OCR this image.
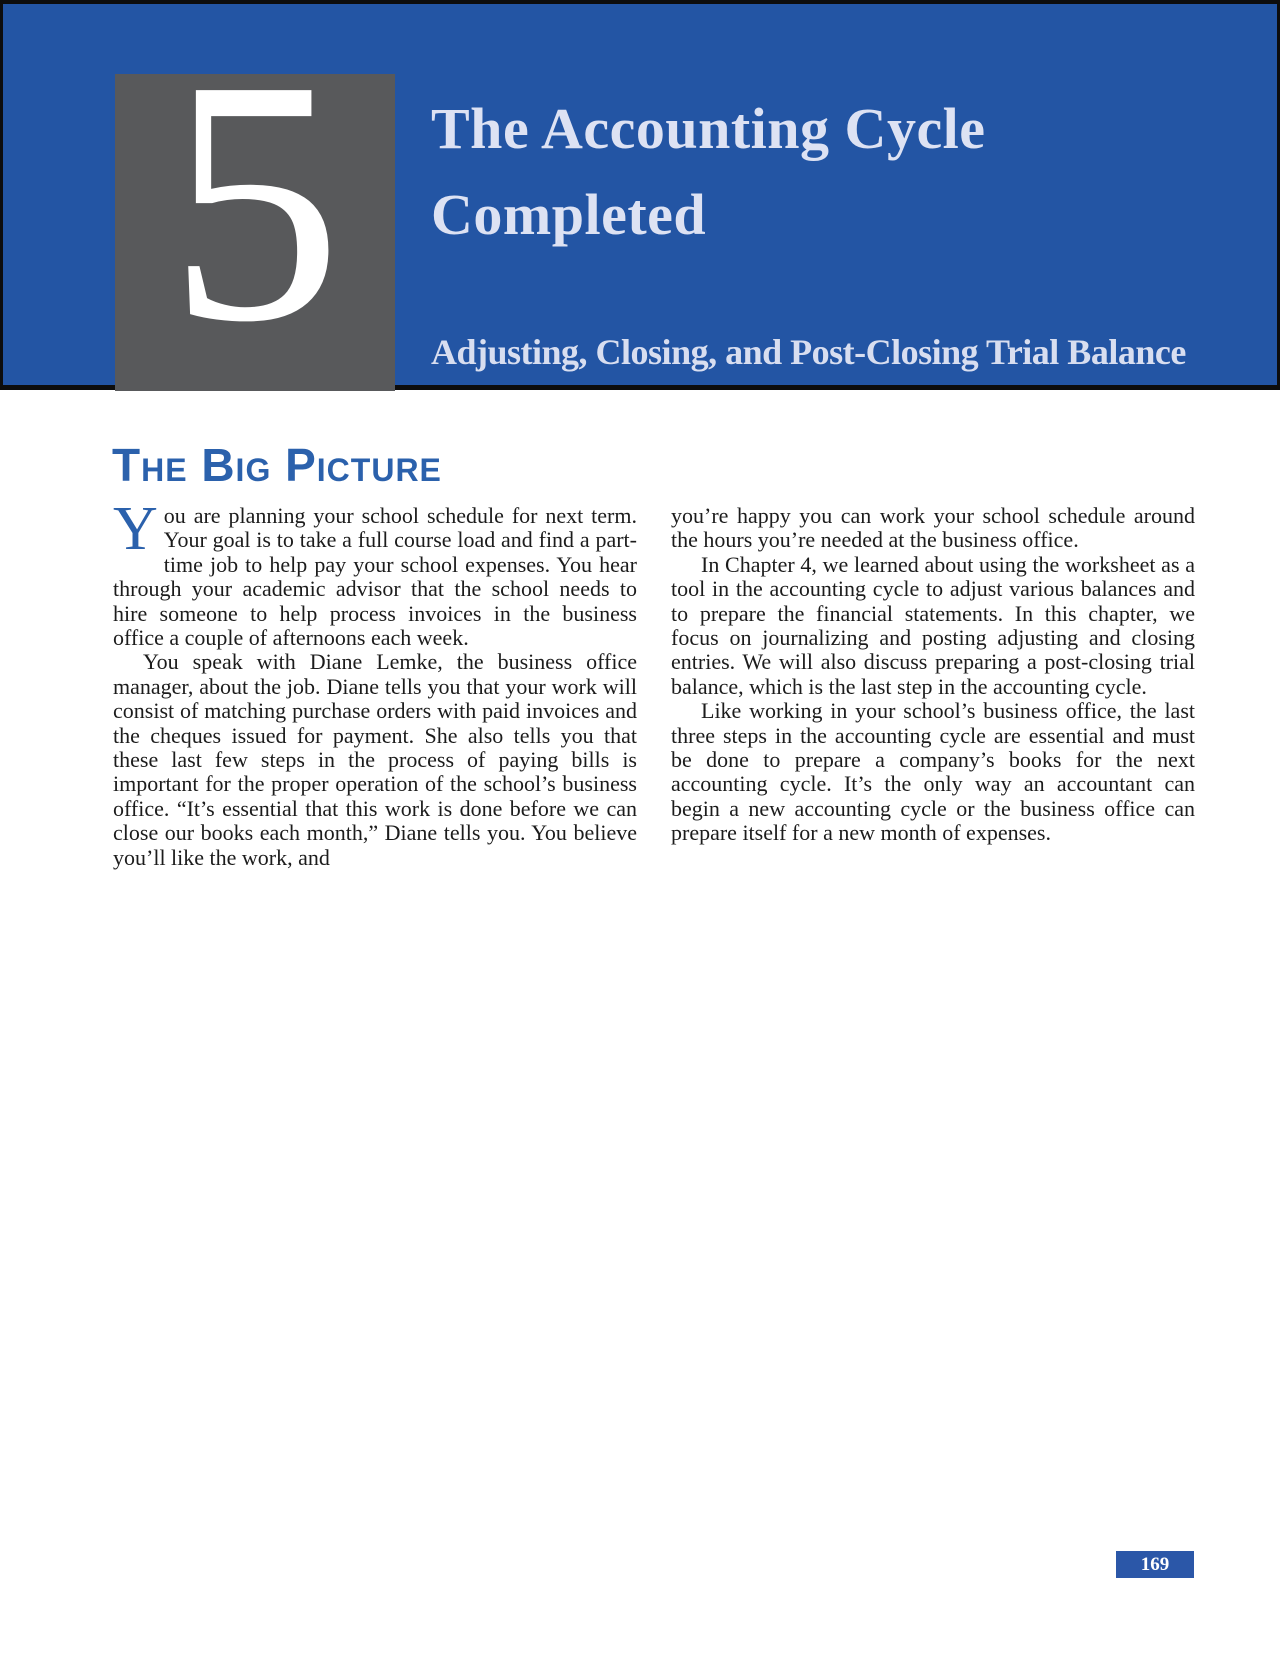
The Accounting Cycle
Completed
Adjusting, Closing, and Post-Closing Trial Balance
5
The Big Picture

You are planning your school schedule for next term. Your goal is to take a full course load and find a part-time job to help pay your school expenses. You hear through your academic advisor that the school needs to hire someone to help process invoices in the business office a couple of afternoons each week.

You speak with Diane Lemke, the business office manager, about the job. Diane tells you that your work will consist of matching purchase orders with paid invoices and the cheques issued for payment. She also tells you that these last few steps in the process of paying bills is important for the proper operation of the school’s business office. “It’s essential that this work is done before we can close our books each month,” Diane tells you. You believe you’ll like the work, and

you’re happy you can work your school schedule around the hours you’re needed at the business office.

In Chapter 4, we learned about using the worksheet as a tool in the accounting cycle to adjust various balances and to prepare the financial statements. In this chapter, we focus on journalizing and posting adjusting and closing entries. We will also discuss preparing a post-closing trial balance, which is the last step in the accounting cycle.

Like working in your school’s business office, the last three steps in the accounting cycle are essential and must be done to prepare a company’s books for the next accounting cycle. It’s the only way an accountant can begin a new accounting cycle or the business office can prepare itself for a new month of expenses.

169
